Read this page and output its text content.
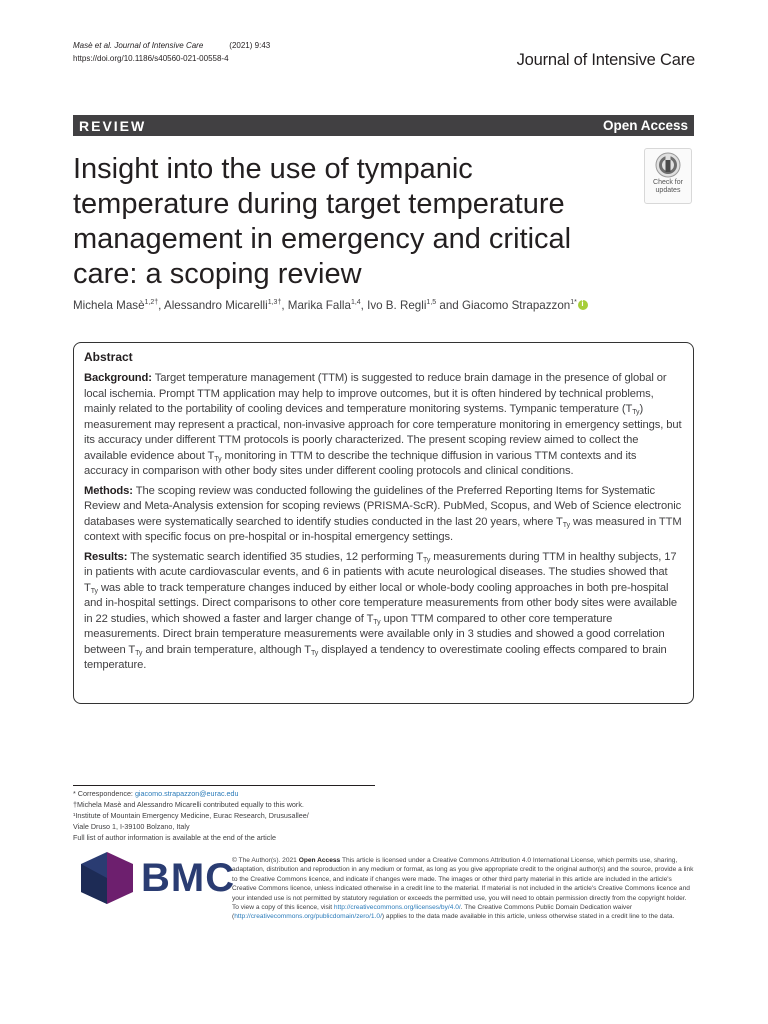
Masè et al. Journal of Intensive Care	(2021) 9:43
https://doi.org/10.1186/s40560-021-00558-4	Journal of Intensive Care
REVIEW	Open Access
Insight into the use of tympanic
temperature during target temperature
management in emergency and critical
care: a scoping review
Check for
updates
Michela Masè$^{1,2\dagger}$, Alessandro Micarelli$^{1,3\dagger}$, Marika Falla$^{1,4}$, Ivo B. Regli$^{1,5}$ and Giacomo Strapazzon$^{1*}$i
Abstract

Background: Target temperature management (TTM) is suggested to reduce brain damage in the presence of global or local ischemia. Prompt TTM application may help to improve outcomes, but it is often hindered by technical problems, mainly related to the portability of cooling devices and temperature monitoring systems. Tympanic temperature $(T_{Ty})$ measurement may represent a practical, non-invasive approach for core temperature monitoring in emergency settings, but its accuracy under different TTM protocols is poorly characterized. The present scoping review aimed to collect the available evidence about $T_{Ty}$ monitoring in TTM to describe the technique diffusion in various TTM contexts and its accuracy in comparison with other body sites under different cooling protocols and clinical conditions.

Methods: The scoping review was conducted following the guidelines of the Preferred Reporting Items for Systematic Review and Meta-Analysis extension for scoping reviews (PRISMA-ScR). PubMed, Scopus, and Web of Science electronic databases were systematically searched to identify studies conducted in the last 20 years, where $T_{Ty}$ was measured in TTM context with specific focus on pre-hospital or in-hospital emergency settings.

Results: The systematic search identified 35 studies, 12 performing $T_{Ty}$ measurements during TTM in healthy subjects, 17 in patients with acute cardiovascular events, and 6 in patients with acute neurological diseases. The studies showed that $T_{Ty}$ was able to track temperature changes induced by either local or whole-body cooling approaches in both pre-hospital and in-hospital settings. Direct comparisons to other core temperature measurements from other body sites were available in 22 studies, which showed a faster and larger change of $T_{Ty}$ upon TTM compared to other core temperature measurements. Direct brain temperature measurements were available only in 3 studies and showed a good correlation between $T_{Ty}$ and brain temperature, although $T_{Ty}$ displayed a tendency to overestimate cooling effects compared to brain temperature.

* Correspondence: giacomo.strapazzon@eurac.edu
†Michela Masè and Alessandro Micarelli contributed equally to this work.
¹Institute of Mountain Emergency Medicine, Eurac Research, Drususallee/
Viale Druso 1, I-39100 Bolzano, Italy
Full list of author information is available at the end of the article
BMC
© The Author(s). 2021 Open Access This article is licensed under a Creative Commons Attribution 4.0 International License, which permits use, sharing, adaptation, distribution and reproduction in any medium or format, as long as you give appropriate credit to the original author(s) and the source, provide a link to the Creative Commons licence, and indicate if changes were made. The images or other third party material in this article are included in the article's Creative Commons licence, unless indicated otherwise in a credit line to the material. If material is not included in the article's Creative Commons licence and your intended use is not permitted by statutory regulation or exceeds the permitted use, you will need to obtain permission directly from the copyright holder. To view a copy of this licence, visit http://creativecommons.org/licenses/by/4.0/. The Creative Commons Public Domain Dedication waiver (http://creativecommons.org/publicdomain/zero/1.0/) applies to the data made available in this article, unless otherwise stated in a credit line to the data.
